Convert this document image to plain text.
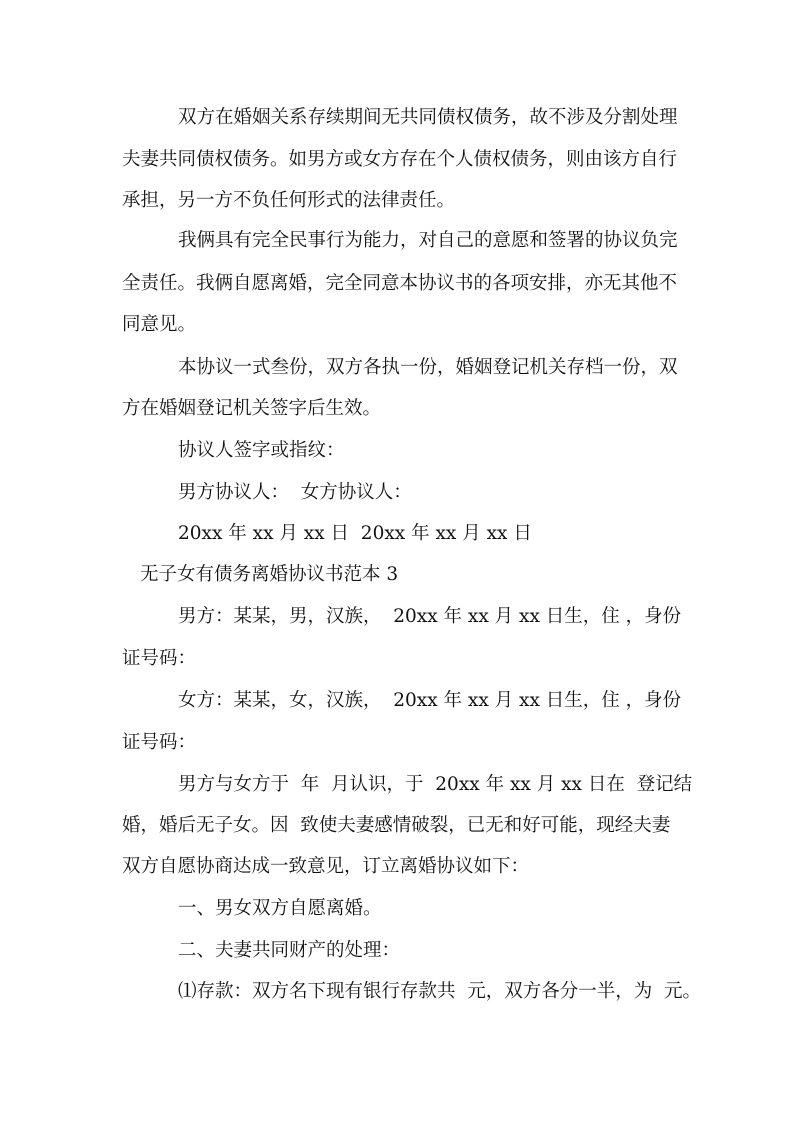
双方在婚姻关系存续期间无共同债权债务，故不涉及分割处理
夫妻共同债权债务。如男方或女方存在个人债权债务，则由该方自行
承担，另一方不负任何形式的法律责任。
我俩具有完全民事行为能力，对自己的意愿和签署的协议负完
全责任。我俩自愿离婚，完全同意本协议书的各项安排，亦无其他不
同意见。
本协议一式叁份，双方各执一份，婚姻登记机关存档一份，双
方在婚姻登记机关签字后生效。
协议人签字或指纹：
男方协议人：  女方协议人：
20xx 年 xx 月 xx 日  20xx 年 xx 月 xx 日
无子女有债务离婚协议书范本 3
男方：某某，男，汉族，  20xx 年 xx 月 xx 日生，住 ，身份
证号码：
女方：某某，女，汉族，  20xx 年 xx 月 xx 日生，住 ，身份
证号码：
男方与女方于  年  月认识，于  20xx 年 xx 月 xx 日在  登记结
婚，婚后无子女。因  致使夫妻感情破裂，已无和好可能，现经夫妻
双方自愿协商达成一致意见，订立离婚协议如下：
一、男女双方自愿离婚。
二、夫妻共同财产的处理：
⑴存款：双方名下现有银行存款共  元，双方各分一半，为  元。
